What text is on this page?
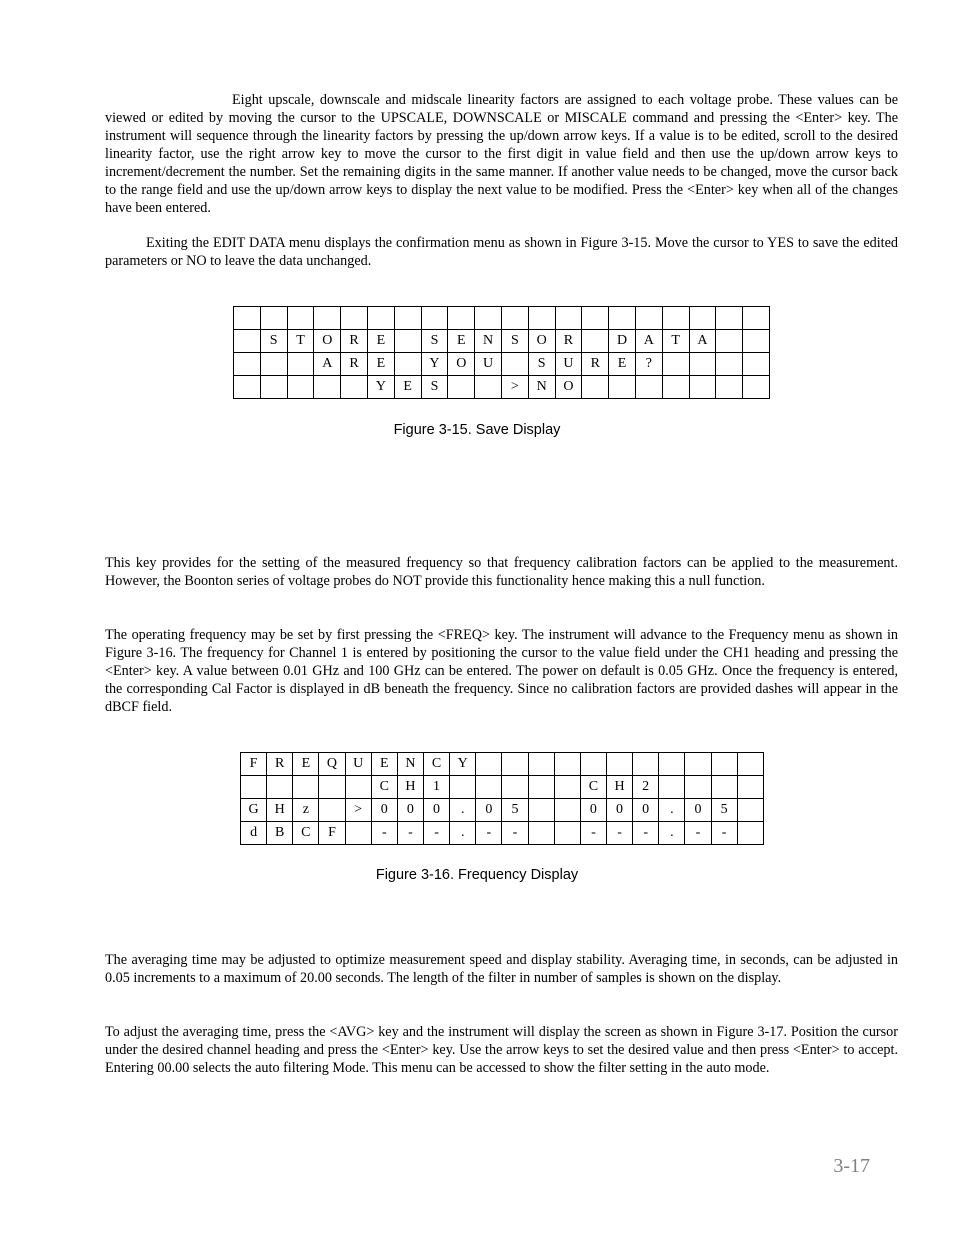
Eight upscale, downscale and midscale linearity factors are assigned to each voltage probe. These values can be viewed or edited by moving the cursor to the UPSCALE, DOWNSCALE or MISCALE command and pressing the <Enter> key. The instrument will sequence through the linearity factors by pressing the up/down arrow keys. If a value is to be edited, scroll to the desired linearity factor, use the right arrow key to move the cursor to the first digit in value field and then use the up/down arrow keys to increment/decrement the number. Set the remaining digits in the same manner. If another value needs to be changed, move the cursor back to the range field and use the up/down arrow keys to display the next value to be modified. Press the <Enter> key when all of the changes have been entered.

Exiting the EDIT DATA menu displays the confirmation menu as shown in Figure 3-15. Move the cursor to YES to save the edited parameters or NO to leave the data unchanged.

	S	T	O	R	E		S	E	N	S	O	R		D	A	T	A		
			A	R	E		Y	O	U		S	U	R	E	?				
					Y	E	S			>	N	O							
Figure 3-15. Save Display

This key provides for the setting of the measured frequency so that frequency calibration factors can be applied to the measurement. However, the Boonton series of voltage probes do NOT provide this functionality hence making this a null function.

The operating frequency may be set by first pressing the <FREQ> key. The instrument will advance to the Frequency menu as shown in Figure 3-16. The frequency for Channel 1 is entered by positioning the cursor to the value field under the CH1 heading and pressing the <Enter> key. A value between 0.01 GHz and 100 GHz can be entered. The power on default is 0.05 GHz. Once the frequency is entered, the corresponding Cal Factor is displayed in dB beneath the frequency. Since no calibration factors are provided dashes will appear in the dBCF field.

F	R	E	Q	U	E	N	C	Y											
					C	H	1						C	H	2				
G	H	z		>	0	0	0	.	0	5			0	0	0	.	0	5	
d	B	C	F		-	-	-	.	-	-			-	-	-	.	-	-	
Figure 3-16. Frequency Display

The averaging time may be adjusted to optimize measurement speed and display stability. Averaging time, in seconds, can be adjusted in 0.05 increments to a maximum of 20.00 seconds. The length of the filter in number of samples is shown on the display.

To adjust the averaging time, press the <AVG> key and the instrument will display the screen as shown in Figure 3-17. Position the cursor under the desired channel heading and press the <Enter> key. Use the arrow keys to set the desired value and then press <Enter> to accept. Entering 00.00 selects the auto filtering Mode. This menu can be accessed to show the filter setting in the auto mode.

3-17
